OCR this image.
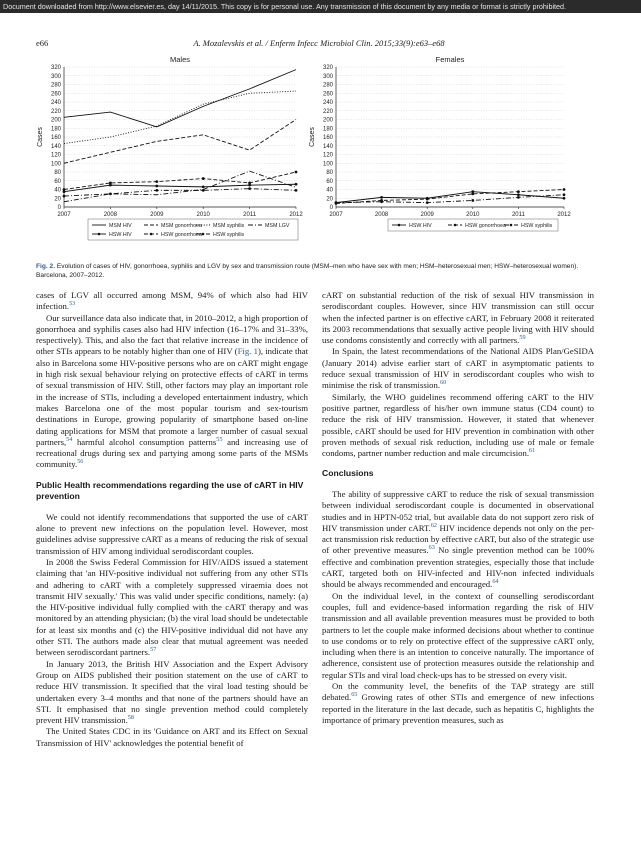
Document downloaded from http://www.elsevier.es, day 14/11/2015. This copy is for personal use. Any transmission of this document by any media or format is strictly prohibited.
e66	A. Mozalevskis et al. / Enferm Infecc Microbiol Clin. 2015;33(9):e63–e68
Males
0
20
40
60
80
100
120
140
160
180
200
220
240
260
280
300
320
Cases
2007	2008	2009	2010	2011	2012
MSM HIV	MSM gonorrhoea MSM syphilis	MSM LGV
HSW HIV	HSW gonorrhoea HSW syphilis
Females
0
20
40
60
80
100
120
140
160
180
200
220
240
260
280
300
320
Cases
2007	2008	2009	2010	2011	2012
HSW HIV	HSW gonorrhoea	HSW syphilis
Fig. 2. Evolution of cases of HIV, gonorrhoea, syphilis and LGV by sex and transmission route (MSM–men who have sex with men; HSM–heterosexual men; HSW–heterosexual women). Barcelona, 2007–2012.

cases of LGV all occurred among MSM, 94% of which also had HIV infection.$^{53}$

Our surveillance data also indicate that, in 2010–2012, a high proportion of gonorrhoea and syphilis cases also had HIV infection (16–17% and 31–33%, respectively). This, and also the fact that relative increase in the incidence of other STIs appears to be notably higher than one of HIV (Fig. 1), indicate that also in Barcelona some HIV-positive persons who are on cART might engage in high risk sexual behaviour relying on protective effects of cART in terms of sexual transmission of HIV. Still, other factors may play an important role in the increase of STIs, including a developed entertainment industry, which makes Barcelona one of the most popular tourism and sex-tourism destinations in Europe, growing popularity of smartphone based on-line dating applications for MSM that promote a larger number of casual sexual partners,$^{54}$ harmful alcohol consumption patterns$^{55}$ and increasing use of recreational drugs during sex and partying among some parts of the MSMs community.$^{56}$

Public Health recommendations regarding the use of cART in HIV prevention

We could not identify recommendations that supported the use of cART alone to prevent new infections on the population level. However, most guidelines advise suppressive cART as a means of reducing the risk of sexual transmission of HIV among individual serodiscordant couples.

In 2008 the Swiss Federal Commission for HIV/AIDS issued a statement claiming that 'an HIV-positive individual not suffering from any other STIs and adhering to cART with a completely suppressed viraemia does not transmit HIV sexually.' This was valid under specific conditions, namely: (a) the HIV-positive individual fully complied with the cART therapy and was monitored by an attending physician; (b) the viral load should be undetectable for at least six months and (c) the HIV-positive individual did not have any other STI. The authors made also clear that mutual agreement was needed between serodiscordant partners.$^{57}$

In January 2013, the British HIV Association and the Expert Advisory Group on AIDS published their position statement on the use of cART to reduce HIV transmission. It specified that the viral load testing should be undertaken every 3–4 months and that none of the partners should have an STI. It emphasised that no single prevention method could completely prevent HIV transmission.$^{58}$

The United States CDC in its 'Guidance on ART and its Effect on Sexual Transmission of HIV' acknowledges the potential benefit of

cART on substantial reduction of the risk of sexual HIV transmission in serodiscordant couples. However, since HIV transmission can still occur when the infected partner is on effective cART, in February 2008 it reiterated its 2003 recommendations that sexually active people living with HIV should use condoms consistently and correctly with all partners.$^{59}$

In Spain, the latest recommendations of the National AIDS Plan/GeSIDA (January 2014) advise earlier start of cART in asymptomatic patients to reduce sexual transmission of HIV in serodiscordant couples who wish to minimise the risk of transmission.$^{60}$

Similarly, the WHO guidelines recommend offering cART to the HIV positive partner, regardless of his/her own immune status (CD4 count) to reduce the risk of HIV transmission. However, it stated that whenever possible, cART should be used for HIV prevention in combination with other proven methods of sexual risk reduction, including use of male or female condoms, partner number reduction and male circumcision.$^{61}$

Conclusions

The ability of suppressive cART to reduce the risk of sexual transmission between individual serodiscordant couple is documented in observational studies and in HPTN-052 trial, but available data do not support zero risk of HIV transmission under cART.$^{62}$ HIV incidence depends not only on the per-act transmission risk reduction by effective cART, but also of the strategic use of other preventive measures.$^{63}$ No single prevention method can be 100% effective and combination prevention strategies, especially those that include cART, targeted both on HIV-infected and HIV-non infected individuals should be always recommended and encouraged.$^{64}$

On the individual level, in the context of counselling serodiscordant couples, full and evidence-based information regarding the risk of HIV transmission and all available prevention measures must be provided to both partners to let the couple make informed decisions about whether to continue to use condoms or to rely on protective effect of the suppressive cART only, including when there is an intention to conceive naturally. The importance of adherence, consistent use of protection measures outside the relationship and regular STIs and viral load check-ups has to be stressed on every visit.

On the community level, the benefits of the TAP strategy are still debated.$^{65}$ Growing rates of other STIs and emergence of new infections reported in the literature in the last decade, such as hepatitis C, highlights the importance of primary prevention measures, such as
